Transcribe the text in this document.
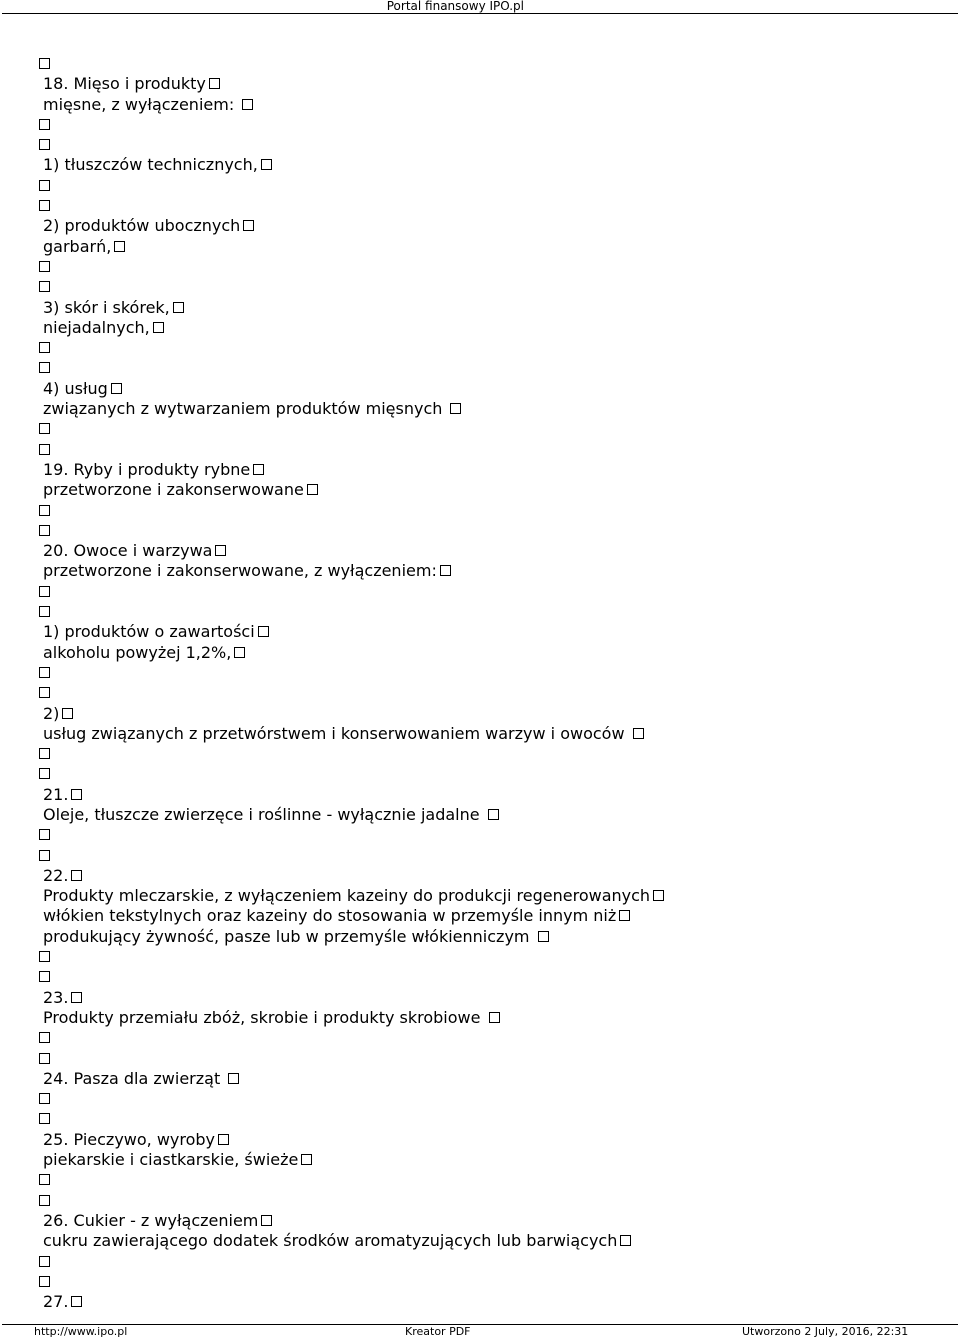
Portal finansowy IPO.pl
18. Mięso i produkty
mięsne, z wyłączeniem:
1) tłuszczów technicznych,
2) produktów ubocznych
garbarń,
3) skór i skórek,
niejadalnych,
4) usług
związanych z wytwarzaniem produktów mięsnych
19. Ryby i produkty rybne
przetworzone i zakonserwowane
20. Owoce i warzywa
przetworzone i zakonserwowane, z wyłączeniem:
1) produktów o zawartości
alkoholu powyżej 1,2%,
2)
usług związanych z przetwórstwem i konserwowaniem warzyw i owoców
21.
Oleje, tłuszcze zwierzęce i roślinne - wyłącznie jadalne
22.
Produkty mleczarskie, z wyłączeniem kazeiny do produkcji regenerowanych
włókien tekstylnych oraz kazeiny do stosowania w przemyśle innym niż
produkujący żywność, pasze lub w przemyśle włókienniczym
23.
Produkty przemiału zbóż, skrobie i produkty skrobiowe
24. Pasza dla zwierząt
25. Pieczywo, wyroby
piekarskie i ciastkarskie, świeże
26. Cukier - z wyłączeniem
cukru zawierającego dodatek środków aromatyzujących lub barwiących
27.
http://www.ipo.pl	Kreator PDF	Utworzono 2 July, 2016, 22:31
